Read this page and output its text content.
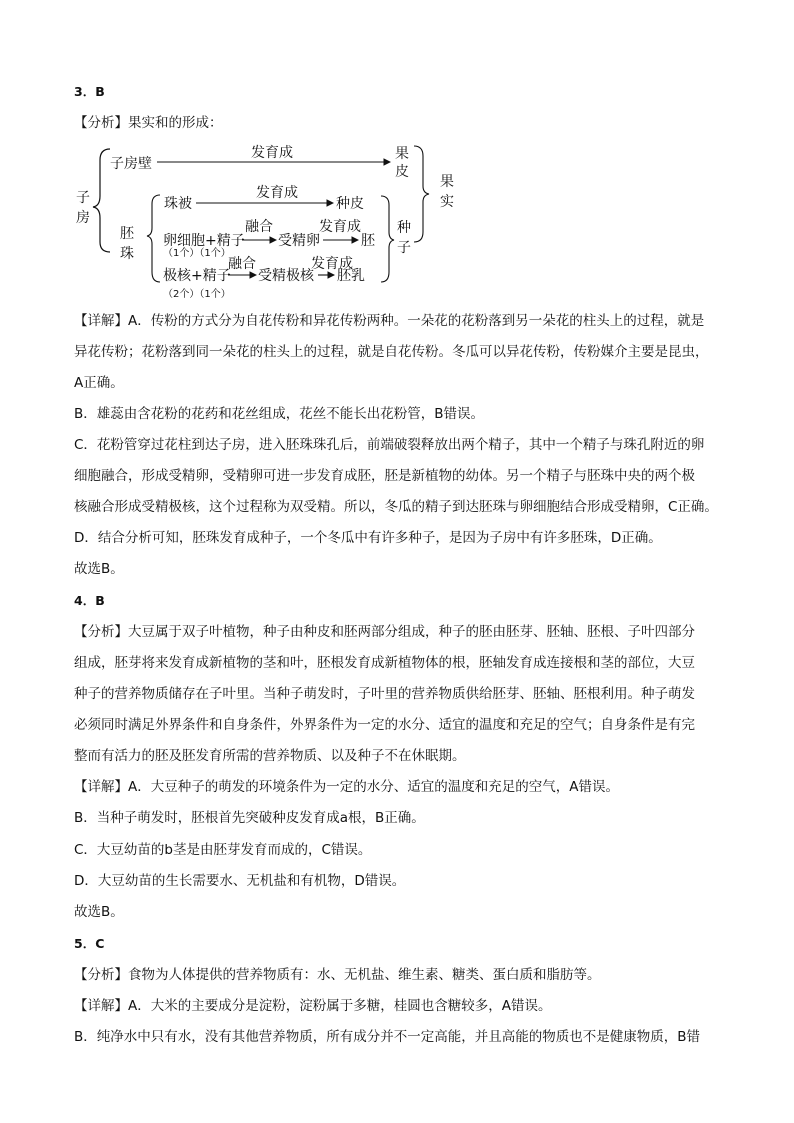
3．B
【分析】果实和的形成：
子
房
子房壁
发育成	果
皮
胚
珠
珠被
发育成
种皮
卵细胞+精子
（1个）（1个）
融合
受精卵
发育成
胚
极核+精子
（2个）（1个）
融合
受精极核
发育成
胚乳
种
子
果
实
【详解】A．传粉的方式分为自花传粉和异花传粉两种。一朵花的花粉落到另一朵花的柱头上的过程，就是
异花传粉；花粉落到同一朵花的柱头上的过程，就是自花传粉。冬瓜可以异花传粉，传粉媒介主要是昆虫，
A正确。
B．雄蕊由含花粉的花药和花丝组成，花丝不能长出花粉管，B错误。
C．花粉管穿过花柱到达子房，进入胚珠珠孔后，前端破裂释放出两个精子，其中一个精子与珠孔附近的卵
细胞融合，形成受精卵，受精卵可进一步发育成胚，胚是新植物的幼体。另一个精子与胚珠中央的两个极
核融合形成受精极核，这个过程称为双受精。所以，冬瓜的精子到达胚珠与卵细胞结合形成受精卵，C正确。
D．结合分析可知，胚珠发育成种子，一个冬瓜中有许多种子，是因为子房中有许多胚珠，D正确。
故选B。
4．B
【分析】大豆属于双子叶植物，种子由种皮和胚两部分组成，种子的胚由胚芽、胚轴、胚根、子叶四部分
组成，胚芽将来发育成新植物的茎和叶，胚根发育成新植物体的根，胚轴发育成连接根和茎的部位，大豆
种子的营养物质储存在子叶里。当种子萌发时，子叶里的营养物质供给胚芽、胚轴、胚根利用。种子萌发
必须同时满足外界条件和自身条件，外界条件为一定的水分、适宜的温度和充足的空气；自身条件是有完
整而有活力的胚及胚发育所需的营养物质、以及种子不在休眠期。
【详解】A．大豆种子的萌发的环境条件为一定的水分、适宜的温度和充足的空气，A错误。
B．当种子萌发时，胚根首先突破种皮发育成a根，B正确。
C．大豆幼苗的b茎是由胚芽发育而成的，C错误。
D．大豆幼苗的生长需要水、无机盐和有机物，D错误。
故选B。
5．C
【分析】食物为人体提供的营养物质有：水、无机盐、维生素、糖类、蛋白质和脂肪等。
【详解】A．大米的主要成分是淀粉，淀粉属于多糖，桂圆也含糖较多，A错误。
B．纯净水中只有水，没有其他营养物质，所有成分并不一定高能，并且高能的物质也不是健康物质，B错
